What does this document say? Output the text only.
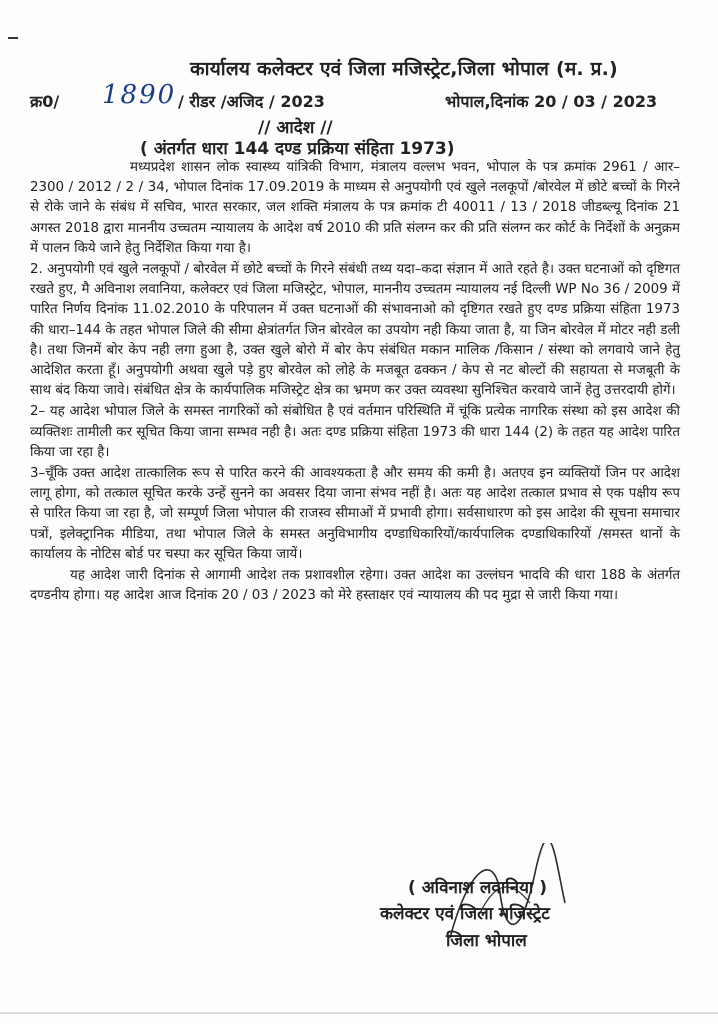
कार्यालय कलेक्टर एवं जिला मजिस्ट्रेट,जिला भोपाल (म. प्र.)
क्र0/ 1890 / रीडर /अजिद / 2023	भोपाल,दिनांक 20 / 03 / 2023
// आदेश //
( अंतर्गत धारा 144 दण्ड प्रक्रिया संहिता 1973)

मध्यप्रदेश शासन लोक स्वास्थ्य यांत्रिकी विभाग, मंत्रालय वल्लभ भवन, भोपाल के पत्र क्रमांक 2961 / आर–2300 / 2012 / 2 / 34, भोपाल दिनांक 17.09.2019 के माध्यम से अनुपयोगी एवं खुले नलकूपों /बोरवेल में छोटे बच्चों के गिरने से रोके जाने के संबंध में सचिव, भारत सरकार, जल शक्ति मंत्रालय के पत्र क्रमांक टी 40011 / 13 / 2018 जीडब्ल्यू दिनांक 21 अगस्त 2018 द्वारा माननीय उच्चतम न्यायालय के आदेश वर्ष 2010 की प्रति संलग्न कर की प्रति संलग्न कर कोर्ट के निर्देशों के अनुक्रम में पालन किये जाने हेतु निर्देशित किया गया है।

2. अनुपयोगी एवं खुले नलकूपों / बोरवेल में छोटे बच्चों के गिरने संबंधी तथ्य यदा–कदा संज्ञान में आते रहते है। उक्त घटनाओं को दृष्टिगत रखते हुए, मै अविनाश लवानिया, कलेक्टर एवं जिला मजिस्ट्रेट, भोपाल, माननीय उच्चतम न्यायालय नई दिल्ली WP No 36 / 2009 में पारित निर्णय दिनांक 11.02.2010 के परिपालन में उक्त घटनाओं की संभावनाओ को दृष्टिगत रखते हुए दण्ड प्रक्रिया संहिता 1973 की धारा–144 के तहत भोपाल जिले की सीमा क्षेत्रांतर्गत जिन बोरवेल का उपयोग नही किया जाता है, या जिन बोरवेल में मोटर नही डली है। तथा जिनमें बोर केप नही लगा हुआ है, उक्त खुले बोरो में बोर केप संबंधित मकान मालिक /किसान / संस्था को लगवाये जाने हेतु आदेशित करता हूँ। अनुपयोगी अथवा खुले पड़े हुए बोरवेल को लोहे के मजबूत ढक्कन / केप से नट बोल्टों की सहायता से मजबूती के साथ बंद किया जावे। संबंधित क्षेत्र के कार्यपालिक मजिस्ट्रेट क्षेत्र का भ्रमण कर उक्त व्यवस्था सुनिश्चित करवाये जानें हेतु उत्तरदायी होगें।

2– यह आदेश भोपाल जिले के समस्त नागरिकों को संबोधित है एवं वर्तमान परिस्थिति में चूंकि प्रत्येक नागरिक संस्था को इस आदेश की व्यक्तिशः तामीली कर सूचित किया जाना सम्भव नही है। अतः दण्ड प्रक्रिया संहिता 1973 की धारा 144 (2) के तहत यह आदेश पारित किया जा रहा है।

3–चूँकि उक्त आदेश तात्कालिक रूप से पारित करने की आवश्यकता है और समय की कमी है। अतएव इन व्यक्तियों जिन पर आदेश लागू होगा, को तत्काल सूचित करके उन्हें सुनने का अवसर दिया जाना संभव नहीं है। अतः यह आदेश तत्काल प्रभाव से एक पक्षीय रूप से पारित किया जा रहा है, जो सम्पूर्ण जिला भोपाल की राजस्व सीमाओं में प्रभावी होगा। सर्वसाधारण को इस आदेश की सूचना समाचार पत्रों, इलेक्ट्रानिक मीडिया, तथा भोपाल जिले के समस्त अनुविभागीय दण्डाधिकारियों/कार्यपालिक दण्डाधिकारियों /समस्त थानों के कार्यालय के नोटिस बोर्ड पर चस्पा कर सूचित किया जायें।

यह आदेश जारी दिनांक से आगामी आदेश तक प्रशावशील रहेगा। उक्त आदेश का उल्लंघन भादवि की धारा 188 के अंतर्गत दण्डनीय होगा। यह आदेश आज दिनांक 20 / 03 / 2023 को मेरे हस्ताक्षर एवं न्यायालय की पद मुद्रा से जारी किया गया।

( अविनाश लवानिया )
कलेक्टर एवं जिला मजिस्ट्रेट
जिला भोपाल
